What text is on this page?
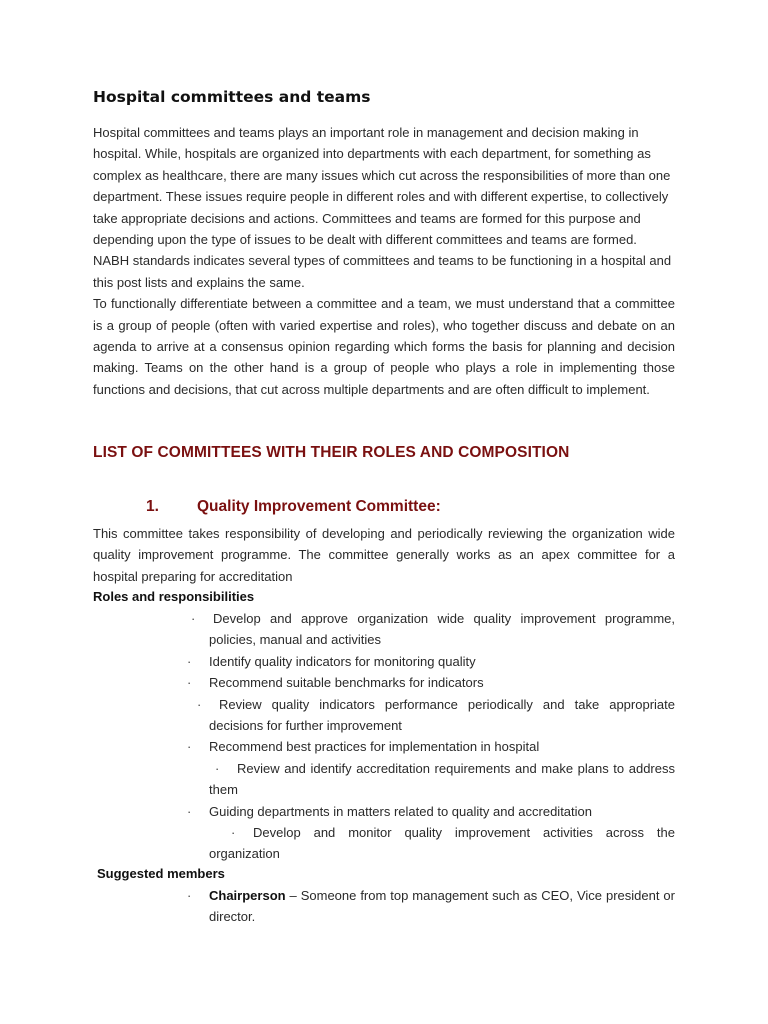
Hospital committees and teams

Hospital committees and teams plays an important role in management and decision making in hospital. While, hospitals are organized into departments with each department, for something as complex as healthcare, there are many issues which cut across the responsibilities of more than one department. These issues require people in different roles and with different expertise, to collectively take appropriate decisions and actions. Committees and teams are formed for this purpose and depending upon the type of issues to be dealt with different committees and teams are formed. NABH standards indicates several types of committees and teams to be functioning in a hospital and this post lists and explains the same.

To functionally differentiate between a committee and a team, we must understand that a committee is a group of people (often with varied expertise and roles), who together discuss and debate on an agenda to arrive at a consensus opinion regarding which forms the basis for planning and decision making. Teams on the other hand is a group of people who plays a role in implementing those functions and decisions, that cut across multiple departments and are often difficult to implement.

LIST OF COMMITTEES WITH THEIR ROLES AND COMPOSITION
1. Quality Improvement Committee:

This committee takes responsibility of developing and periodically reviewing the organization wide quality improvement programme. The committee generally works as an apex committee for a hospital preparing for accreditation

Roles and responsibilities
· Develop and approve organization wide quality improvement programme, policies, manual and activities
· Identify quality indicators for monitoring quality
· Recommend suitable benchmarks for indicators
· Review quality indicators performance periodically and take appropriate decisions for further improvement
· Recommend best practices for implementation in hospital
· Review and identify accreditation requirements and make plans to address them
· Guiding departments in matters related to quality and accreditation
· Develop and monitor quality improvement activities across the organization
Suggested members
· Chairperson – Someone from top management such as CEO, Vice president or director.
